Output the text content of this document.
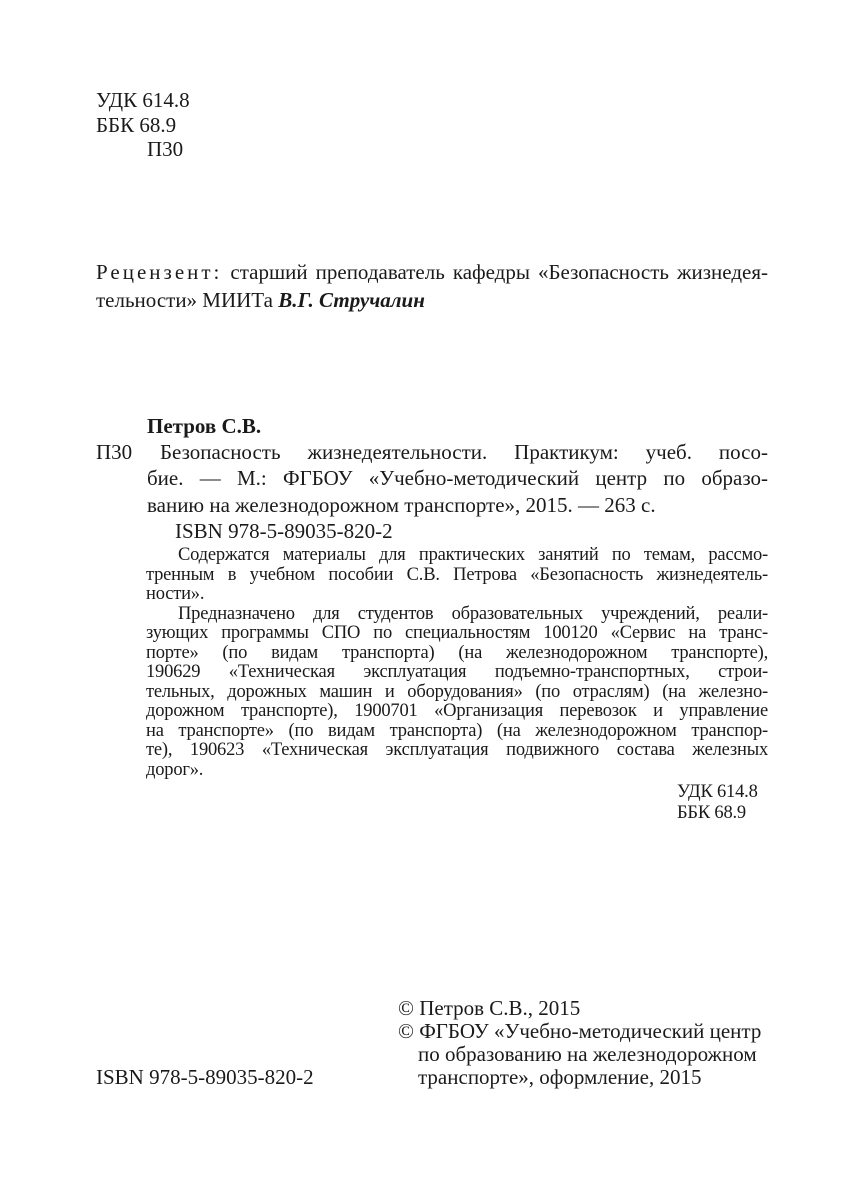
УДК 614.8
ББК 68.9
П30
Рецензент: старший преподаватель кафедры «Безопасность жизнедея-
тельности» МИИТа В.Г. Стручалин
Петров С.В.
П30 Безопасность жизнедеятельности. Практикум: учеб. посо-
бие. — М.: ФГБОУ «Учебно-методический центр по образо-
ванию на железнодорожном транспорте», 2015. — 263 с.
ISBN 978-5-89035-820-2
Содержатся материалы для практических занятий по темам, рассмо-
тренным в учебном пособии С.В. Петрова «Безопасность жизнедеятель-
ности».
Предназначено для студентов образовательных учреждений, реали-
зующих программы СПО по специальностям 100120 «Сервис на транс-
порте» (по видам транспорта) (на железнодорожном транспорте),
190629 «Техническая эксплуатация подъемно-транспортных, строи-
тельных, дорожных машин и оборудования» (по отраслям) (на железно-
дорожном транспорте), 1900701 «Организация перевозок и управление
на транспорте» (по видам транспорта) (на железнодорожном транспор-
те), 190623 «Техническая эксплуатация подвижного состава железных
дорог».
УДК 614.8
ББК 68.9
© Петров С.В., 2015
© ФГБОУ «Учебно-методический центр
по образованию на железнодорожном
транспорте», оформление, 2015
ISBN 978-5-89035-820-2
